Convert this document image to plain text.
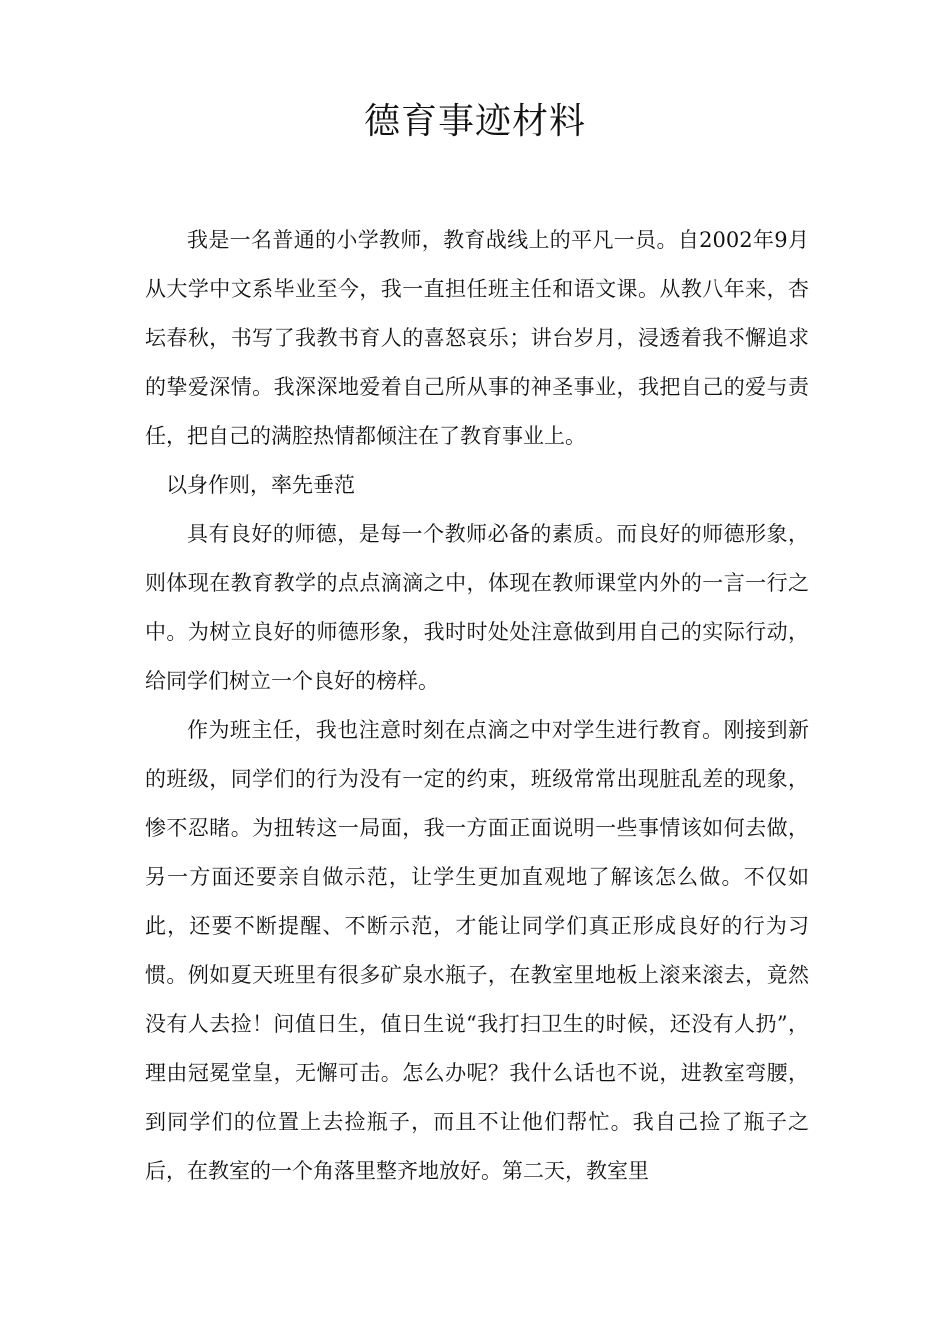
德育事迹材料

我是一名普通的小学教师，教育战线上的平凡一员。自2002年9月从大学中文系毕业至今，我一直担任班主任和语文课。从教八年来，杏坛春秋，书写了我教书育人的喜怒哀乐；讲台岁月，浸透着我不懈追求的挚爱深情。我深深地爱着自己所从事的神圣事业，我把自己的爱与责任，把自己的满腔热情都倾注在了教育事业上。

以身作则，率先垂范

具有良好的师德，是每一个教师必备的素质。而良好的师德形象，则体现在教育教学的点点滴滴之中，体现在教师课堂内外的一言一行之中。为树立良好的师德形象，我时时处处注意做到用自己的实际行动，给同学们树立一个良好的榜样。

作为班主任，我也注意时刻在点滴之中对学生进行教育。刚接到新的班级，同学们的行为没有一定的约束，班级常常出现脏乱差的现象，惨不忍睹。为扭转这一局面，我一方面正面说明一些事情该如何去做，另一方面还要亲自做示范，让学生更加直观地了解该怎么做。不仅如此，还要不断提醒、不断示范，才能让同学们真正形成良好的行为习惯。例如夏天班里有很多矿泉水瓶子，在教室里地板上滚来滚去，竟然没有人去捡！问值日生，值日生说“我打扫卫生的时候，还没有人扔”，理由冠冕堂皇，无懈可击。怎么办呢？我什么话也不说，进教室弯腰，到同学们的位置上去捡瓶子，而且不让他们帮忙。我自己捡了瓶子之后，在教室的一个角落里整齐地放好。第二天，教室里
